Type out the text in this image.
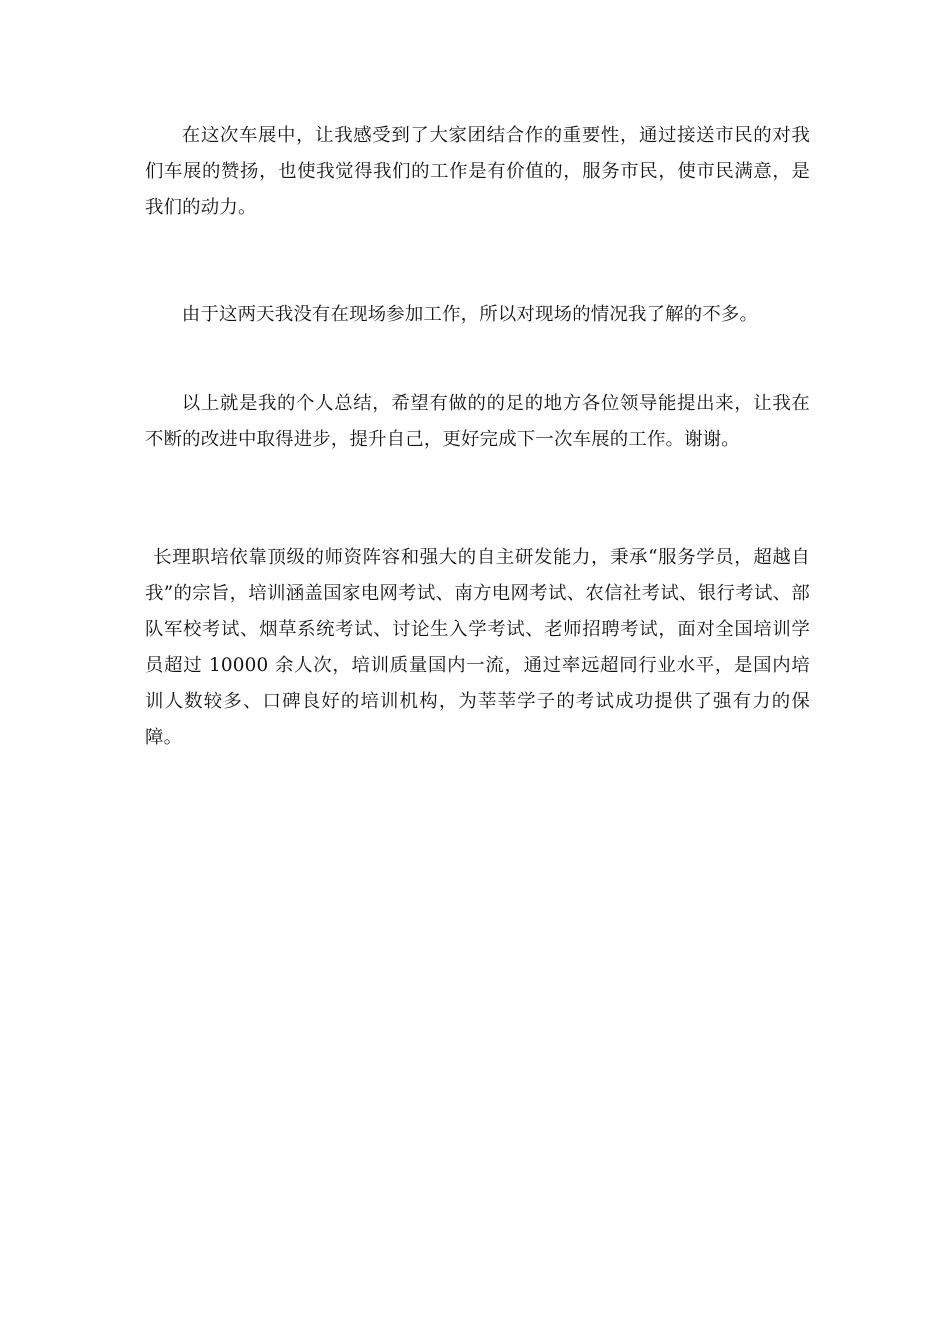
在这次车展中，让我感受到了大家团结合作的重要性，通过接送市民的对我们车展的赞扬，也使我觉得我们的工作是有价值的，服务市民，使市民满意，是我们的动力。

由于这两天我没有在现场参加工作，所以对现场的情况我了解的不多。

以上就是我的个人总结，希望有做的的足的地方各位领导能提出来，让我在不断的改进中取得进步，提升自己，更好完成下一次车展的工作。谢谢。

长理职培依靠顶级的师资阵容和强大的自主研发能力，秉承“服务学员，超越自我”的宗旨，培训涵盖国家电网考试、南方电网考试、农信社考试、银行考试、部队军校考试、烟草系统考试、讨论生入学考试、老师招聘考试，面对全国培训学员超过 10000 余人次，培训质量国内一流，通过率远超同行业水平，是国内培训人数较多、口碑良好的培训机构，为莘莘学子的考试成功提供了强有力的保障。
